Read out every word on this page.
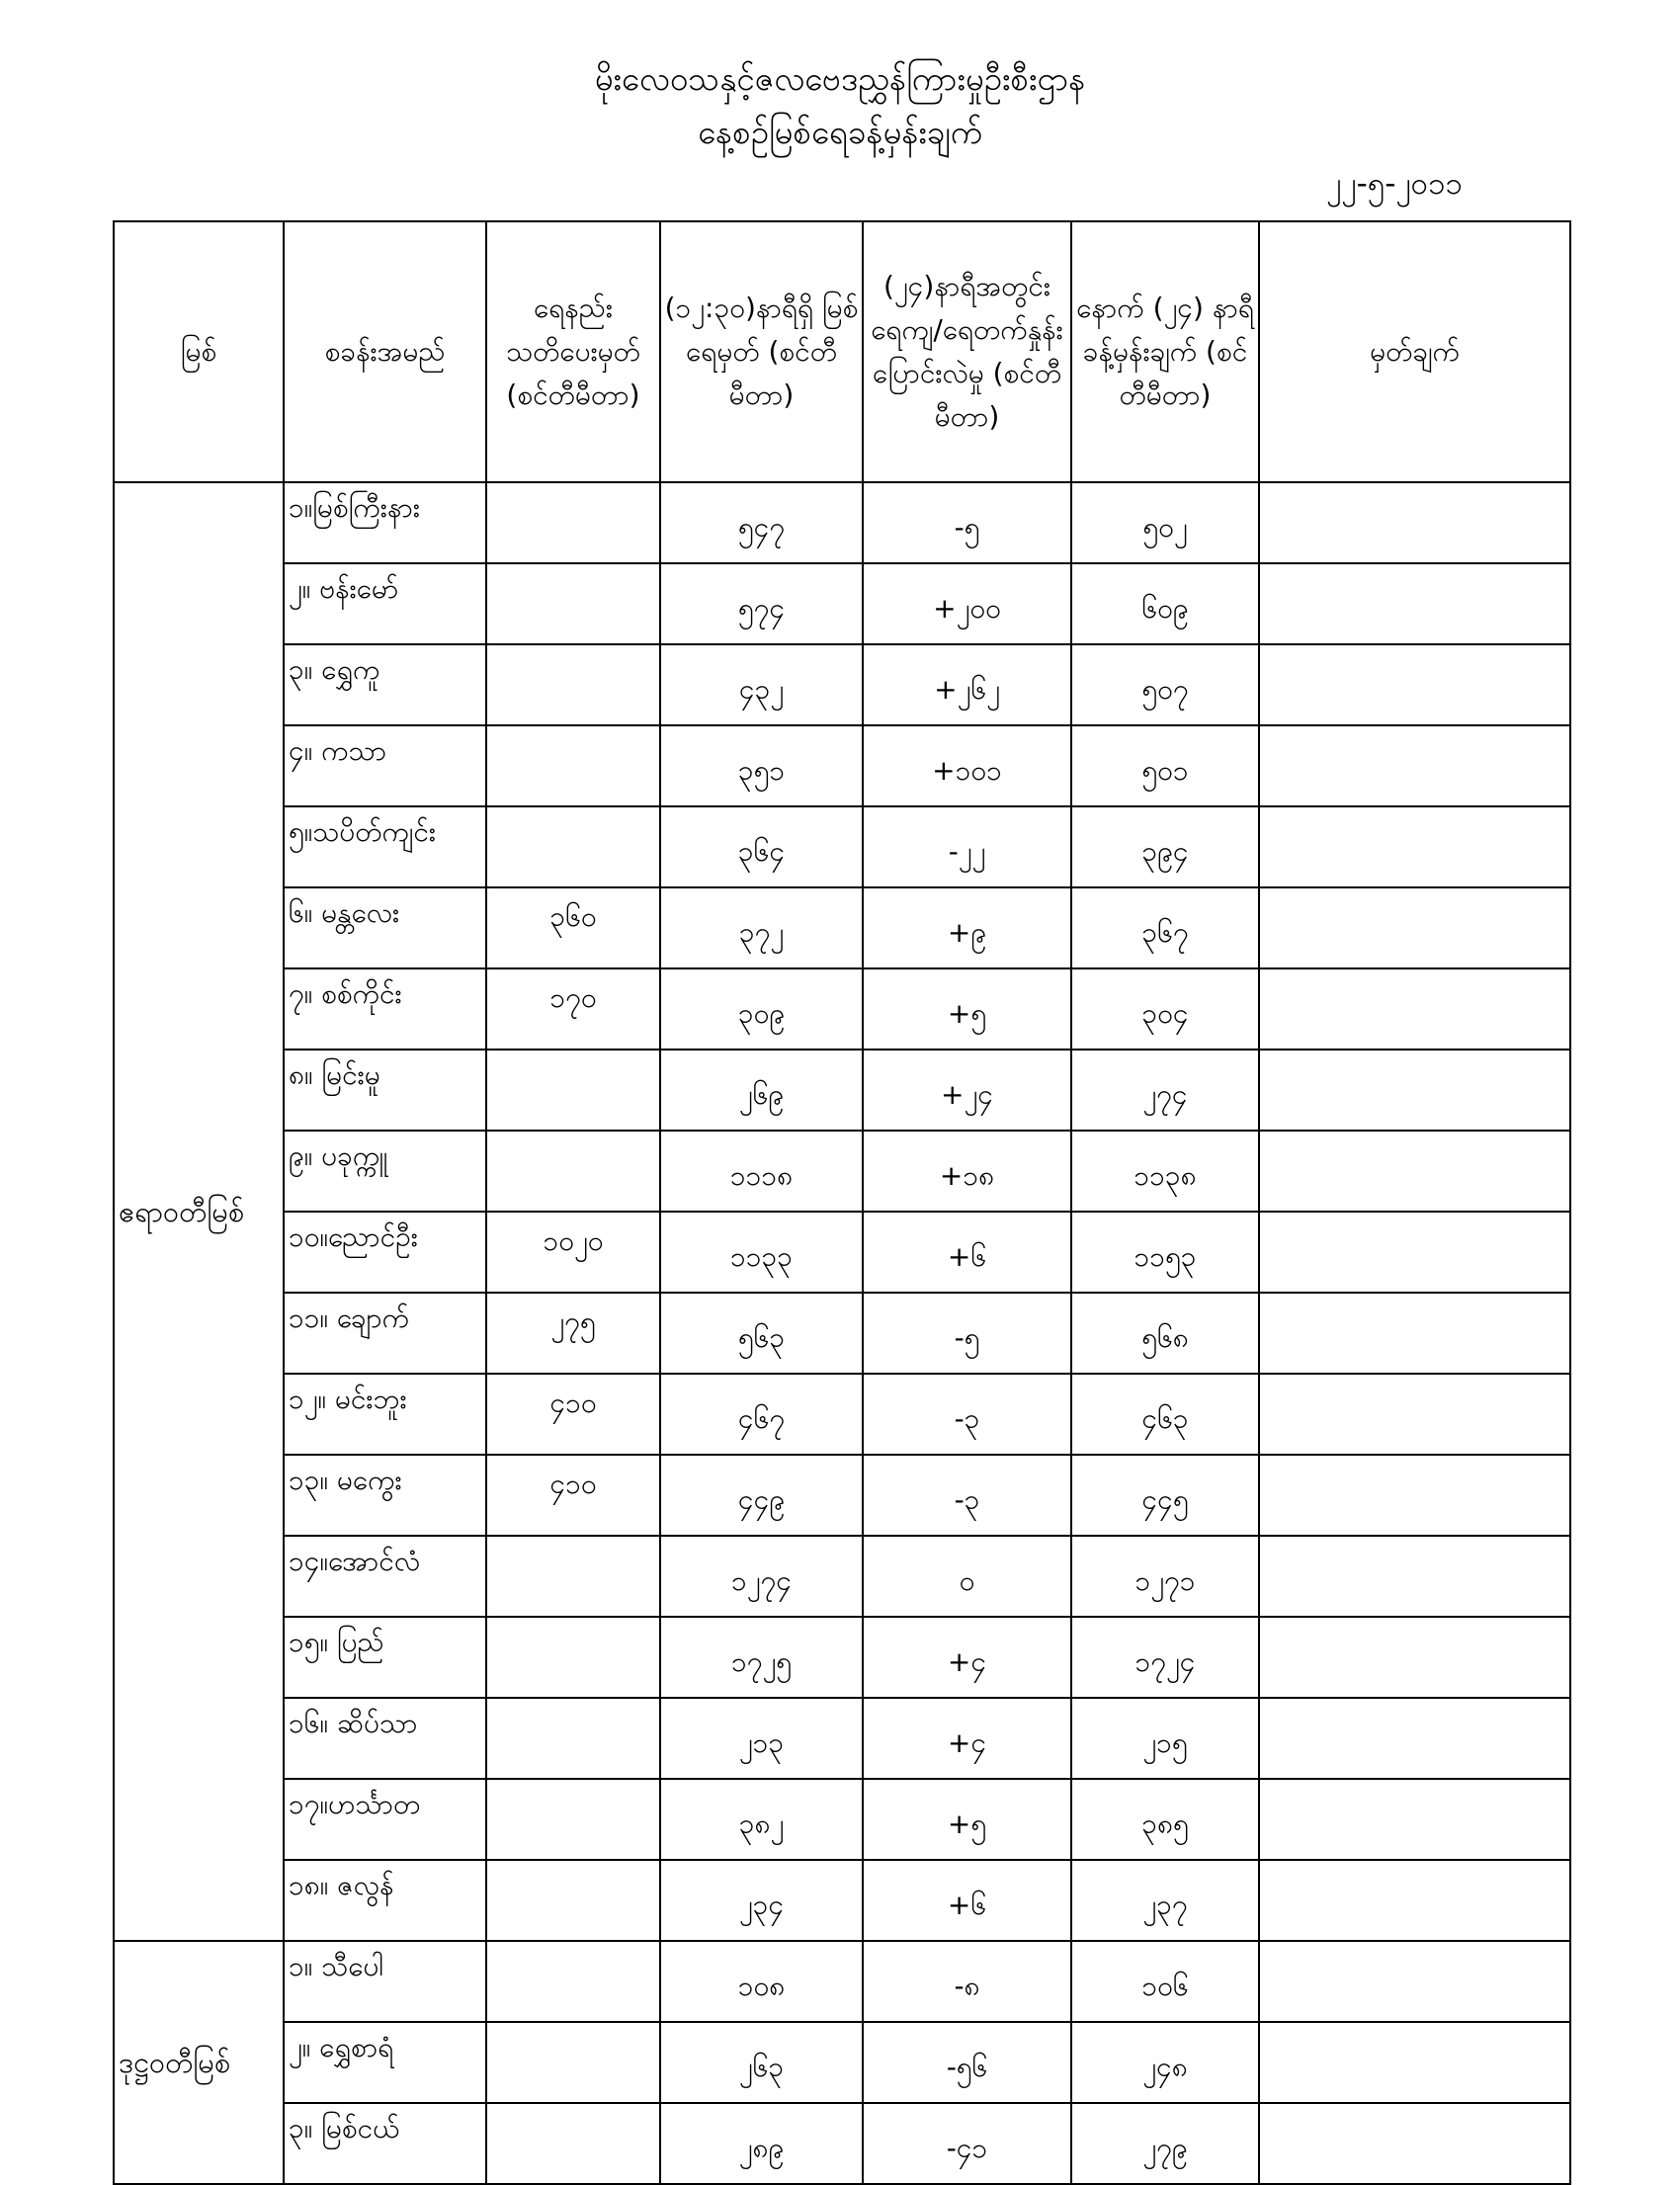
မိုးလေဝသနှင့်ဇလဗေဒညွှန်ကြားမှုဦးစီးဌာန
နေ့စဉ်မြစ်ရေခန့်မှန်းချက်
၂၂-၅-၂၀၁၁
မြစ်	စခန်းအမည်	ရေနည်း သတိပေးမှတ် (စင်တီမီတာ)	(၁၂:၃၀)နာရီရှိ မြစ်ရေမှတ် (စင်တီမီတာ)	(၂၄)နာရီအတွင်း ရေကျ/ရေတက်နှုန်း ပြောင်းလဲမှု (စင်တီမီတာ)	နောက် (၂၄) နာရီ ခန့်မှန်းချက် (စင်တီမီတာ)	မှတ်ချက်
ဧရာဝတီမြစ်	၁။မြစ်ကြီးနား		၅၄၇	-၅	၅၀၂	
	၂။ ဗန်းမော်		၅၇၄	+၂၀၀	၆၀၉	
	၃။ ရွှေကူ		၄၃၂	+၂၆၂	၅၀၇	
	၄။ ကသာ		၃၅၁	+၁၀၁	၅၀၁	
	၅။သပိတ်ကျင်း		၃၆၄	-၂၂	၃၉၄	
	၆။ မန္တလေး	၃၆၀	၃၇၂	+၉	၃၆၇	
	၇။ စစ်ကိုင်း	၁၇၀	၃၀၉	+၅	၃၀၄	
	၈။ မြင်းမူ		၂၆၉	+၂၄	၂၇၄	
	၉။ ပခုက္ကူ		၁၁၁၈	+၁၈	၁၁၃၈	
	၁၀။ညောင်ဦး	၁၀၂၀	၁၁၃၃	+၆	၁၁၅၃	
	၁၁။ ချောက်	၂၇၅	၅၆၃	-၅	၅၆၈	
	၁၂။ မင်းဘူး	၄၁၀	၄၆၇	-၃	၄၆၃	
	၁၃။ မကွေး	၄၁၀	၄၄၉	-၃	၄၄၅	
	၁၄။အောင်လံ		၁၂၇၄	၀	၁၂၇၁	
	၁၅။ ပြည်		၁၇၂၅	+၄	၁၇၂၄	
	၁၆။ ဆိပ်သာ		၂၁၃	+၄	၂၁၅	
	၁၇။ဟင်္သာတ		၃၈၂	+၅	၃၈၅	
	၁၈။ ဇလွန်		၂၃၄	+၆	၂၃၇	
ဒုဋ္ဌဝတီမြစ်	၁။ သီပေါ		၁၀၈	-၈	၁၀၆	
	၂။ ရွှေစာရံ		၂၆၃	-၅၆	၂၄၈	
	၃။ မြစ်ငယ်		၂၈၉	-၄၁	၂၇၉	
